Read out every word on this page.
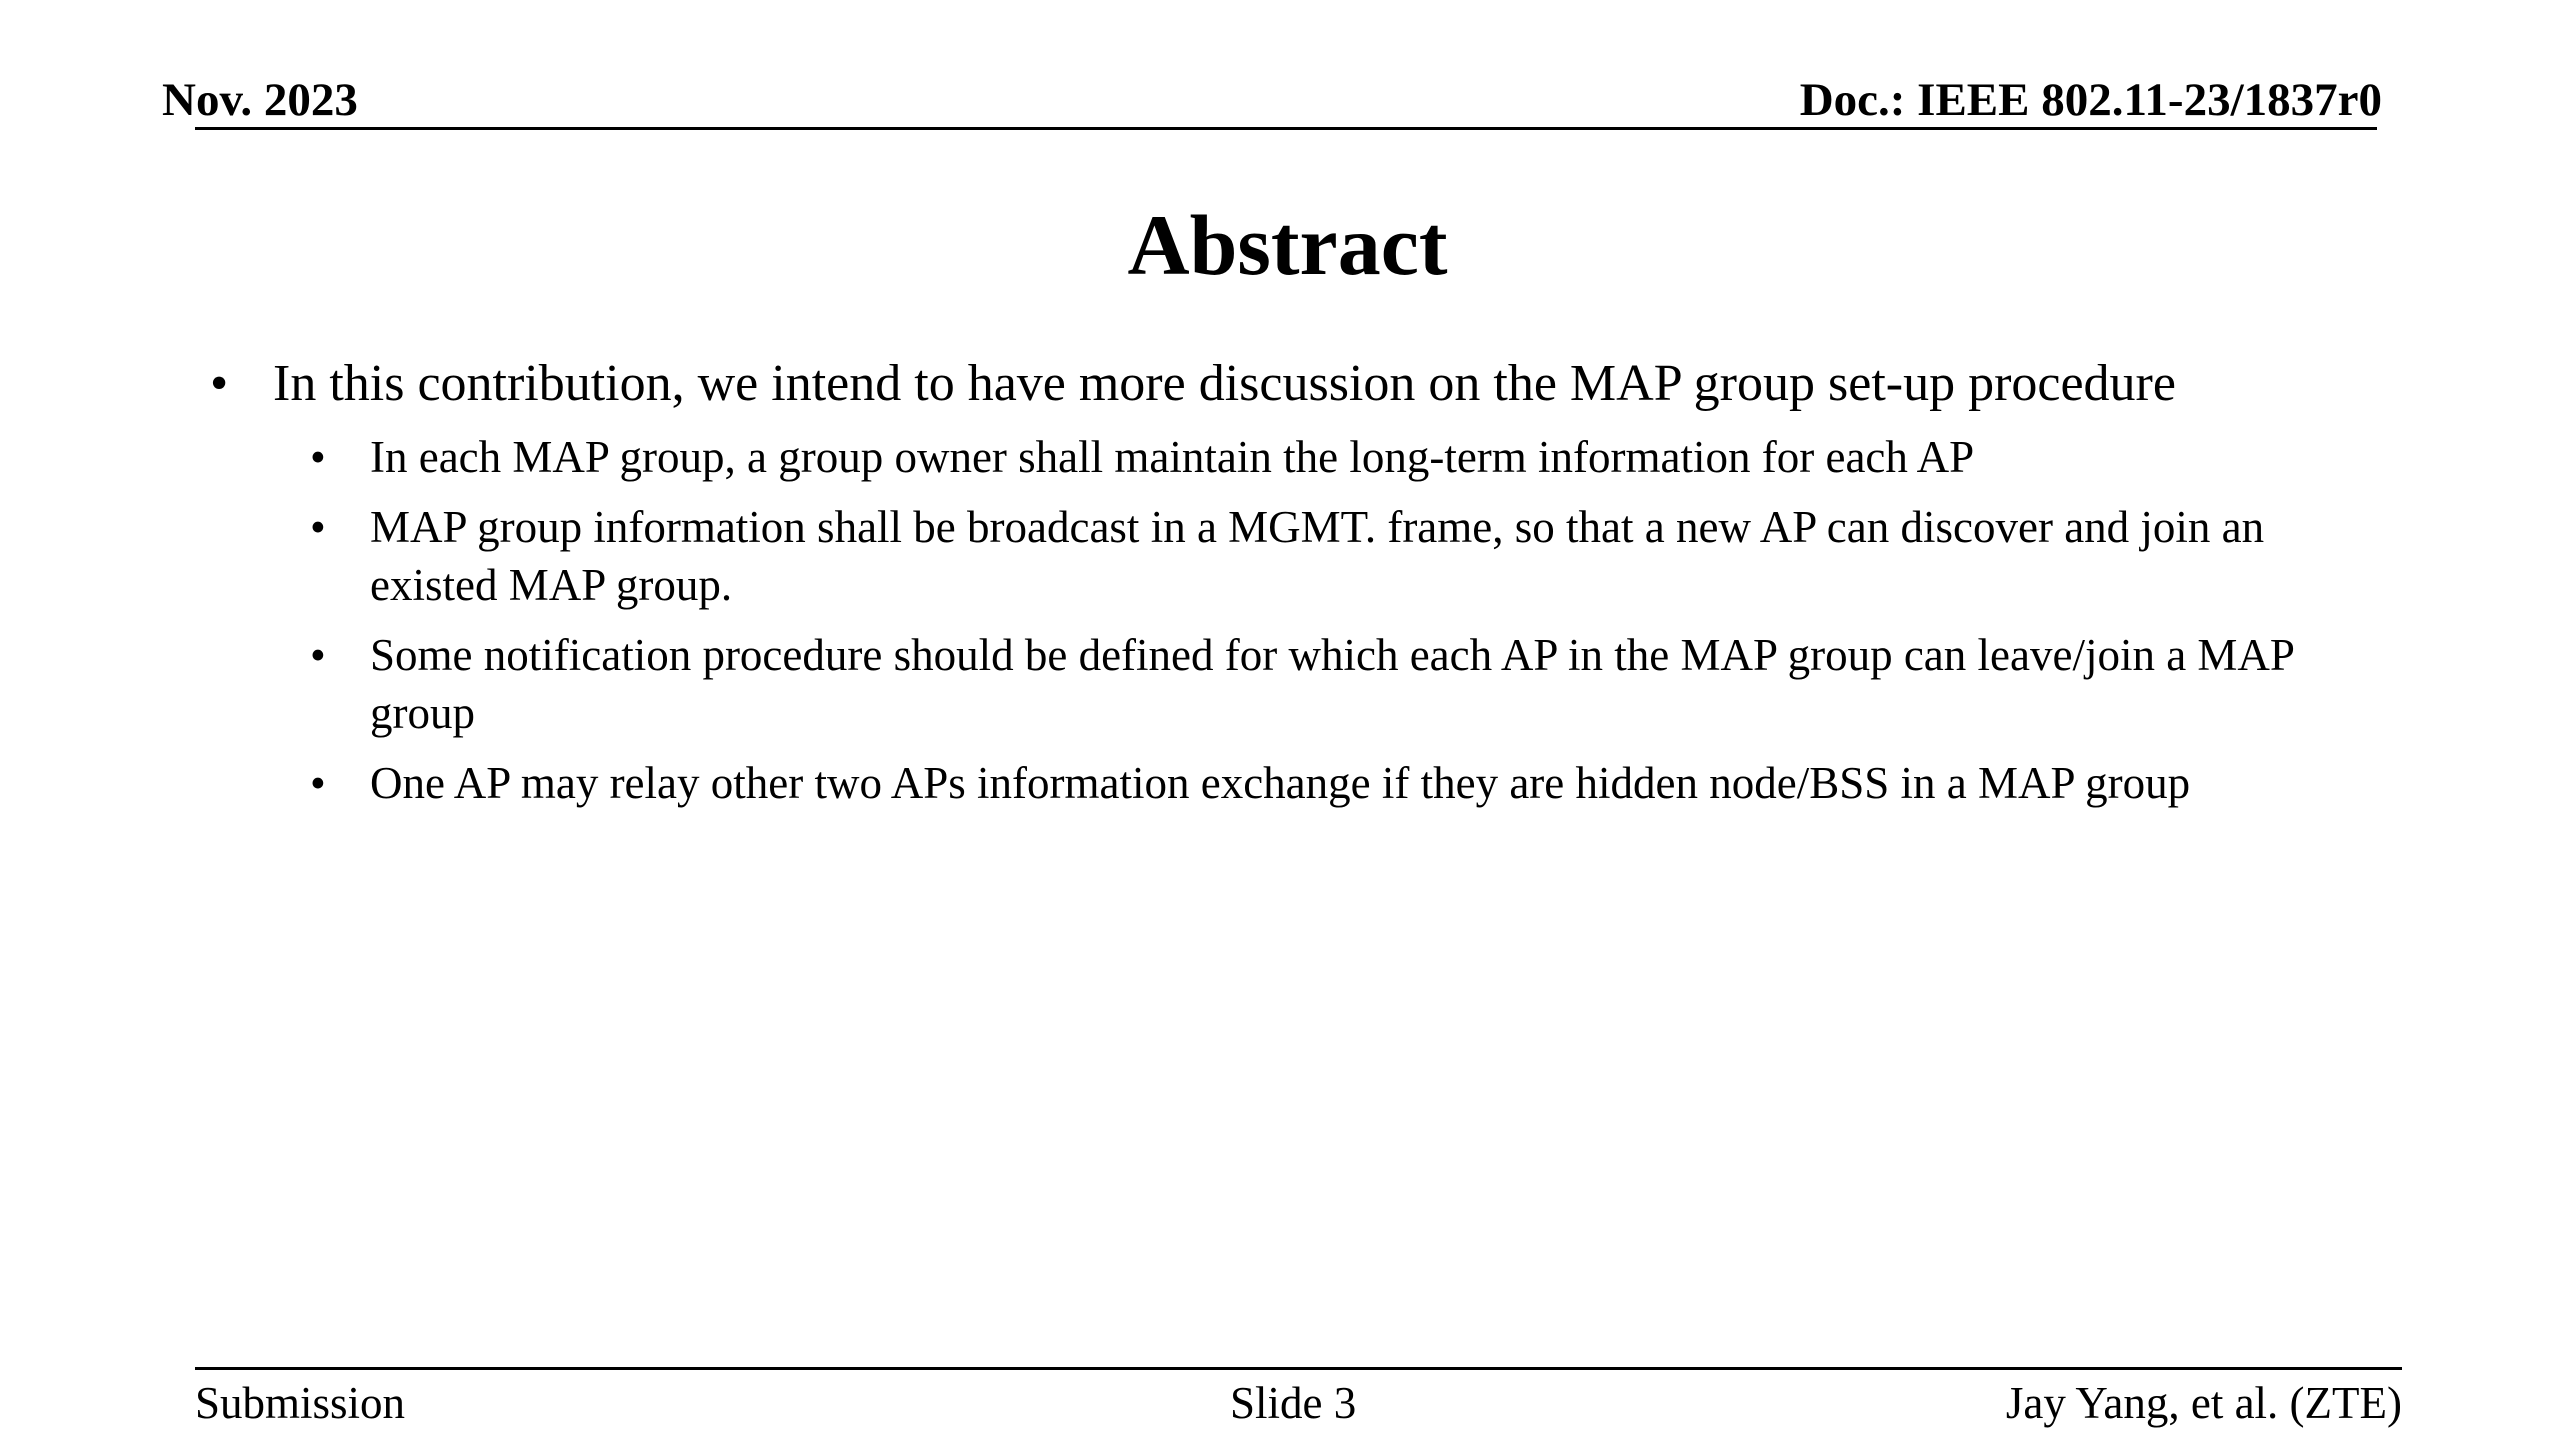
Nov. 2023	Doc.: IEEE 802.11-23/1837r0
Abstract
• In this contribution, we intend to have more discussion on the MAP group set-up procedure
• In each MAP group, a group owner shall maintain the long-term information for each AP
• MAP group information shall be broadcast in a MGMT. frame, so that a new AP can discover and join an existed MAP group.
• Some notification procedure should be defined for which each AP in the MAP group can leave/join a MAP group
• One AP may relay other two APs information exchange if they are hidden node/BSS in a MAP group
Submission	Slide 3	Jay Yang, et al. (ZTE)
